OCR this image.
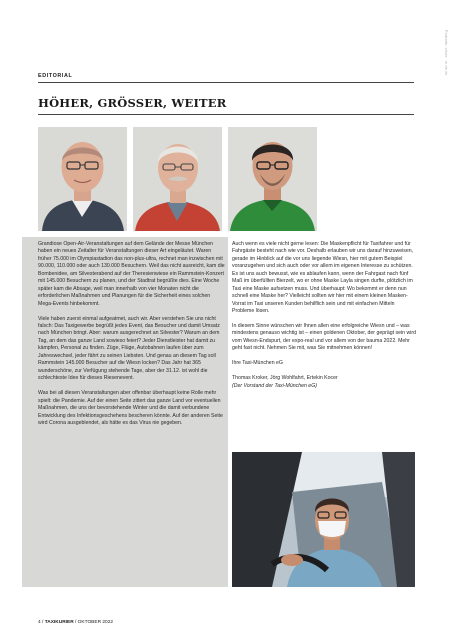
Portraits: oliver · m.de.ilo
EDITORIAL
HÖHER, GRÖSSER, WEITER

Grandiose Open-Air-Veranstaltungen auf dem Gelände der Messe München haben ein neues Zeitalter für Veranstaltungen dieser Art eingeläutet. Waren früher 75.000 im Olympiastadion das non-plus-ultra, rechnet man inzwischen mit 90.000, 110.000 oder auch 130.000 Besuchern. Weil das nicht ausreicht, kam die Bombenidee, am Silvesterabend auf der Theresienwiese ein Rammstein-Konzert mit 145.000 Besuchern zu planen, und der Stadtrat begrüßte dies. Eine Woche später kam die Absage, weil man innerhalb von vier Monaten nicht die erforderlichen Maßnahmen und Planungen für die Sicherheit eines solchen Mega-Events hinbekommt.

Viele haben zuerst einmal aufgeatmet, auch wir. Aber verstehen Sie uns nicht falsch: Das Taxigewerbe begrüßt jedes Event, das Besucher und damit Umsatz nach München bringt. Aber: warum ausgerechnet an Silvester? Warum an dem Tag, an dem das ganze Land sowieso feiert? Jeder Dienstleister hat damit zu kämpfen, Personal zu finden. Züge, Flüge, Autobahnen laufen über zum Jahreswechsel, jeder fährt zu seinen Liebsten. Und genau an diesem Tag soll Rammstein 145.000 Besucher auf die Wiesn locken? Das Jahr hat 365 wunderschöne, zur Verfügung stehende Tage, aber der 31.12. ist wohl die schlechteste Idee für dieses Riesenevent.

Was bei all diesen Veranstaltungen aber offenbar überhaupt keine Rolle mehr spielt: die Pandemie. Auf der einen Seite zittert das ganze Land vor eventuellen Maßnahmen, die uns der bevorstehende Winter und die damit verbundene Entwicklung des Infektionsgeschehens bescheren könnte. Auf der anderen Seite wird Corona ausgeblendet, als hätte es das Virus nie gegeben.

Auch wenn es viele nicht gerne lesen: Die Maskenpflicht für Taxifahrer und für Fahrgäste besteht nach wie vor. Deshalb erlauben wir uns darauf hinzuweisen, gerade im Hinblick auf die vor uns liegende Wiesn, hier mit gutem Beispiel voranzugehen und sich auch oder vor allem im eigenen Interesse zu schützen. Es ist uns auch bewusst, wie es ablaufen kann, wenn der Fahrgast nach fünf Maß im überfüllten Bierzelt, wo er ohne Maske Layla singen durfte, plötzlich im Taxi eine Maske aufsetzen muss. Und überhaupt: Wo bekommt er denn nun schnell eine Maske her? Vielleicht sollten wir hier mit einem kleinen Masken-Vorrat im Taxi unseren Kunden behilflich sein und mit einfachen Mitteln Probleme lösen.

In diesem Sinne wünschen wir Ihnen allen eine erfolgreiche Wiesn und – was mindestens genauso wichtig ist – einen goldenen Oktober, der geprägt sein wird vom Wiesn-Endspurt, der expo-real und vor allem von der bauma 2022. Mehr geht fast nicht. Nehmen Sie mit, was Sie mitnehmen können!

Ihre Taxi-München eG

Thomas Kroker, Jörg Wohlfahrt, Ertekin Kocer

(Der Vorstand der Taxi-München eG)

4 / TAXIKURIER / OKTOBER 2022
